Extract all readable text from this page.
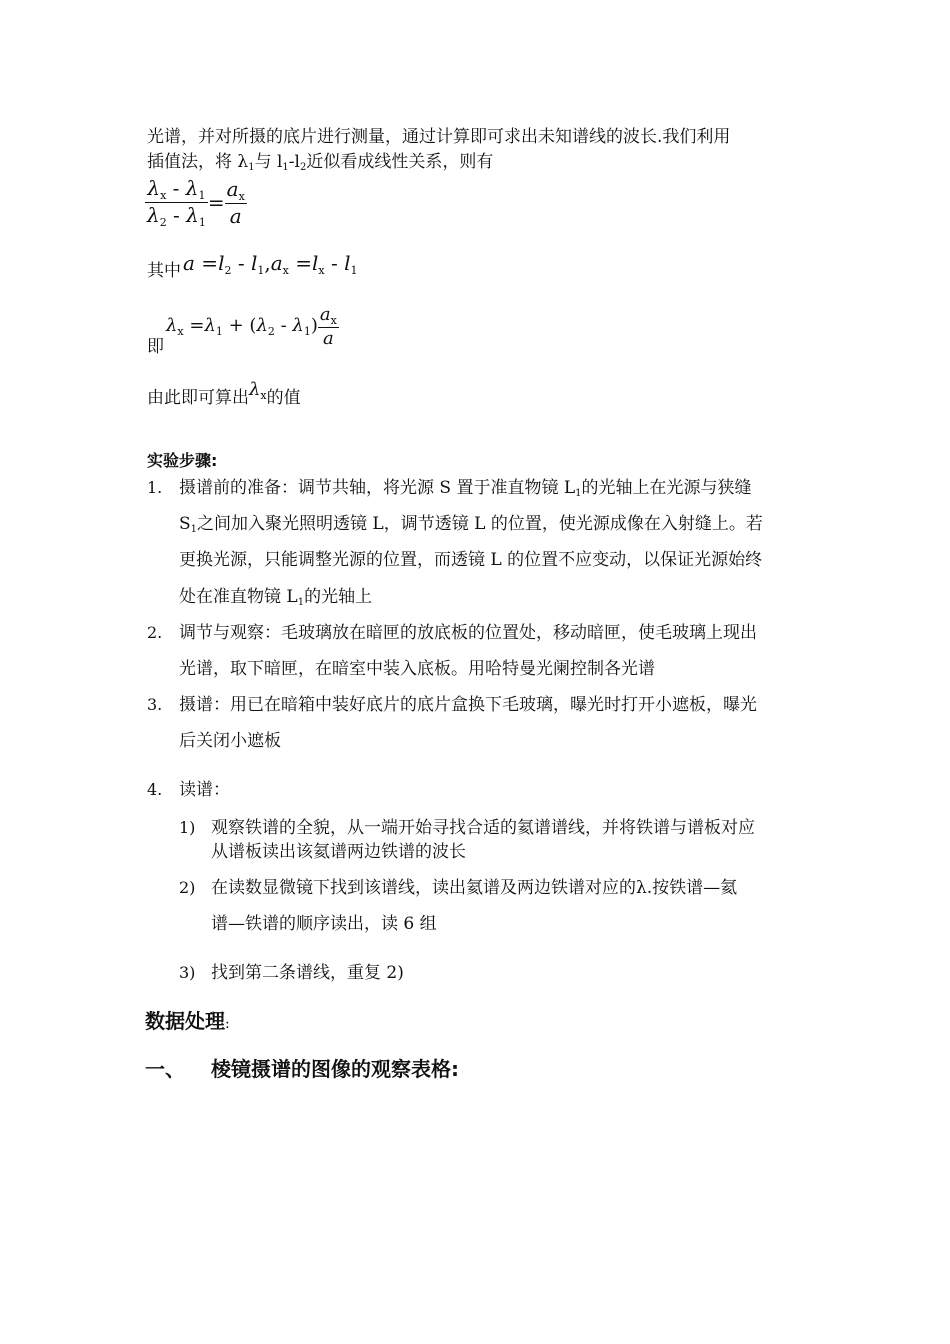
光谱，并对所摄的底片进行测量，通过计算即可求出未知谱线的波长.我们利用
插值法，将 $\lambda_1$与 $l_1-l_2$近似看成线性关系，则有
$\frac{\lambda_x - \lambda_1}{\lambda_2 - \lambda_1} = \frac{a_x}{a}$
其中 $a =l_2 - l_1,a_x =l_x - l_1$
即
$\lambda_x =\lambda_1 + (\lambda_2 - \lambda_1) \frac{a_x}{a}$
由此即可算出$\lambda_x$的值
实验步骤:
1. 摄谱前的准备：调节共轴，将光源 S 置于准直物镜 $L_1$的光轴上在光源与狭缝
$S_1$之间加入聚光照明透镜 L，调节透镜 L 的位置，使光源成像在入射缝上。若
更换光源，只能调整光源的位置，而透镜 L 的位置不应变动，以保证光源始终
处在准直物镜 $L_1$的光轴上
2. 调节与观察：毛玻璃放在暗匣的放底板的位置处，移动暗匣，使毛玻璃上现出
光谱，取下暗匣，在暗室中装入底板。用哈特曼光阑控制各光谱
3. 摄谱：用已在暗箱中装好底片的底片盒换下毛玻璃，曝光时打开小遮板，曝光
后关闭小遮板
4. 读谱：
1) 观察铁谱的全貌，从一端开始寻找合适的氦谱谱线，并将铁谱与谱板对应
从谱板读出该氦谱两边铁谱的波长
2) 在读数显微镜下找到该谱线，读出氦谱及两边铁谱对应的λ.按铁谱—氦
谱—铁谱的顺序读出，读 6 组
3) 找到第二条谱线，重复 2)
数据处理:
一、 棱镜摄谱的图像的观察表格:
